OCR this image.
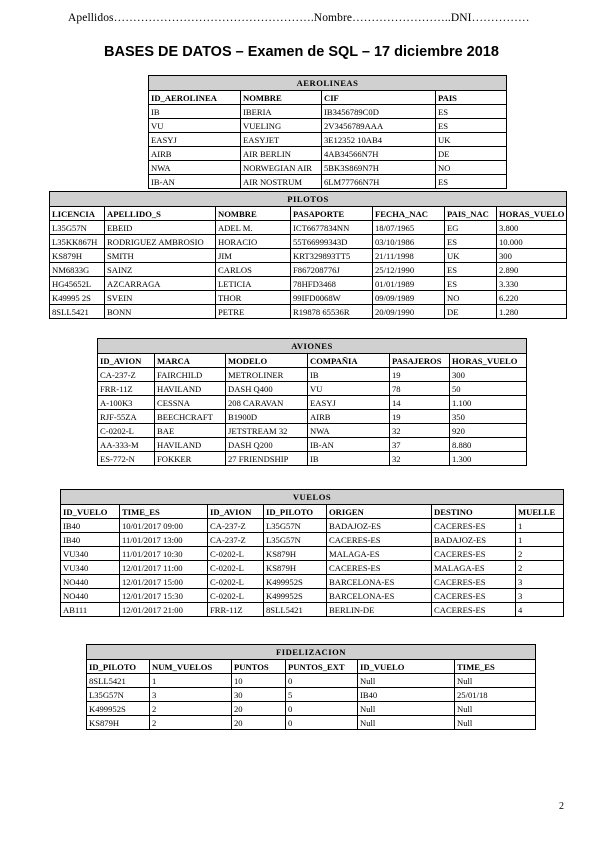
Apellidos…………………………………………….Nombre……………………..DNI……………
BASES DE DATOS – Examen de SQL – 17 diciembre 2018
AEROLINEAS			
ID_AEROLINEA	NOMBRE	CIF	PAIS
IB	IBERIA	IB3456789C0D	ES
VU	VUELING	2V3456789AAA	ES
EASYJ	EASYJET	3E12352 10AB4	UK
AIRB	AIR BERLIN	4AB34566N7H	DE
NWA	NORWEGIAN AIR	5BK3S869N7H	NO
IB-AN	AIR NOSTRUM	6LM77766N7H	ES
PILOTOS						
LICENCIA	APELLIDO_S	NOMBRE	PASAPORTE	FECHA_NAC	PAIS_NAC	HORAS_VUELO
L35G57N	EBEID	ADEL M.	ICT6677834NN	18/07/1965	EG	3.800
L35KK867H	RODRIGUEZ AMBROSIO	HORACIO	55T66999343D	03/10/1986	ES	10.000
KS879H	SMITH	JIM	KRT329893TT5	21/11/1998	UK	300
NM6833G	SAINZ	CARLOS	F867208776J	25/12/1990	ES	2.890
HG45652L	AZCARRAGA	LETICIA	78HFD3468	01/01/1989	ES	3.330
K49995 2S	SVEIN	THOR	99IFD0068W	09/09/1989	NO	6.220
8SLL5421	BONN	PETRE	R19878 65536R	20/09/1990	DE	1.280
AVIONES					
ID_AVION	MARCA	MODELO	COMPAÑIA	PASAJEROS	HORAS_VUELO
CA-237-Z	FAIRCHILD	METROLINER	IB	19	300
FRR-11Z	HAVILAND	DASH Q400	VU	78	50
A-100K3	CESSNA	208 CARAVAN	EASYJ	14	1.100
RJF-55ZA	BEECHCRAFT	B1900D	AIRB	19	350
C-0202-L	BAE	JETSTREAM 32	NWA	32	920
AA-333-M	HAVILAND	DASH Q200	IB-AN	37	8.880
ES-772-N	FOKKER	27 FRIENDSHIP	IB	32	1.300
VUELOS						
ID_VUELO	TIME_ES	ID_AVION	ID_PILOTO	ORIGEN	DESTINO	MUELLE
IB40	10/01/2017 09:00	CA-237-Z	L35G57N	BADAJOZ-ES	CACERES-ES	1
IB40	11/01/2017 13:00	CA-237-Z	L35G57N	CACERES-ES	BADAJOZ-ES	1
VU340	11/01/2017 10:30	C-0202-L	KS879H	MALAGA-ES	CACERES-ES	2
VU340	12/01/2017 11:00	C-0202-L	KS879H	CACERES-ES	MALAGA-ES	2
NO440	12/01/2017 15:00	C-0202-L	K499952S	BARCELONA-ES	CACERES-ES	3
NO440	12/01/2017 15:30	C-0202-L	K499952S	BARCELONA-ES	CACERES-ES	3
AB111	12/01/2017 21:00	FRR-11Z	8SLL5421	BERLIN-DE	CACERES-ES	4
FIDELIZACION					
ID_PILOTO	NUM_VUELOS	PUNTOS	PUNTOS_EXT	ID_VUELO	TIME_ES
8SLL5421	1	10	0	Null	Null
L35G57N	3	30	5	IB40	25/01/18
K499952S	2	20	0	Null	Null
KS879H	2	20	0	Null	Null
2
